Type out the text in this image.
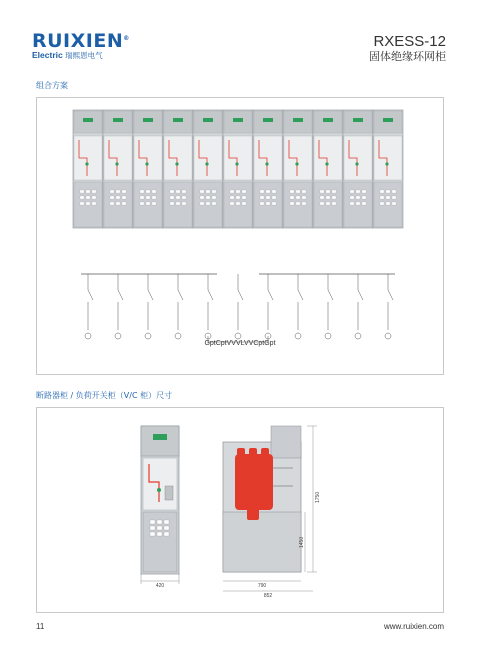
RUIXIEN®
Electric 瑞熙恩电气
RXESS-12
固体绝缘环网柜
组合方案
GptCptVVVLVVCptGpt
断路器柜 / 负荷开关柜（V/C 柜）尺寸
420
1750
1450
790
852
11	www.ruixien.com
